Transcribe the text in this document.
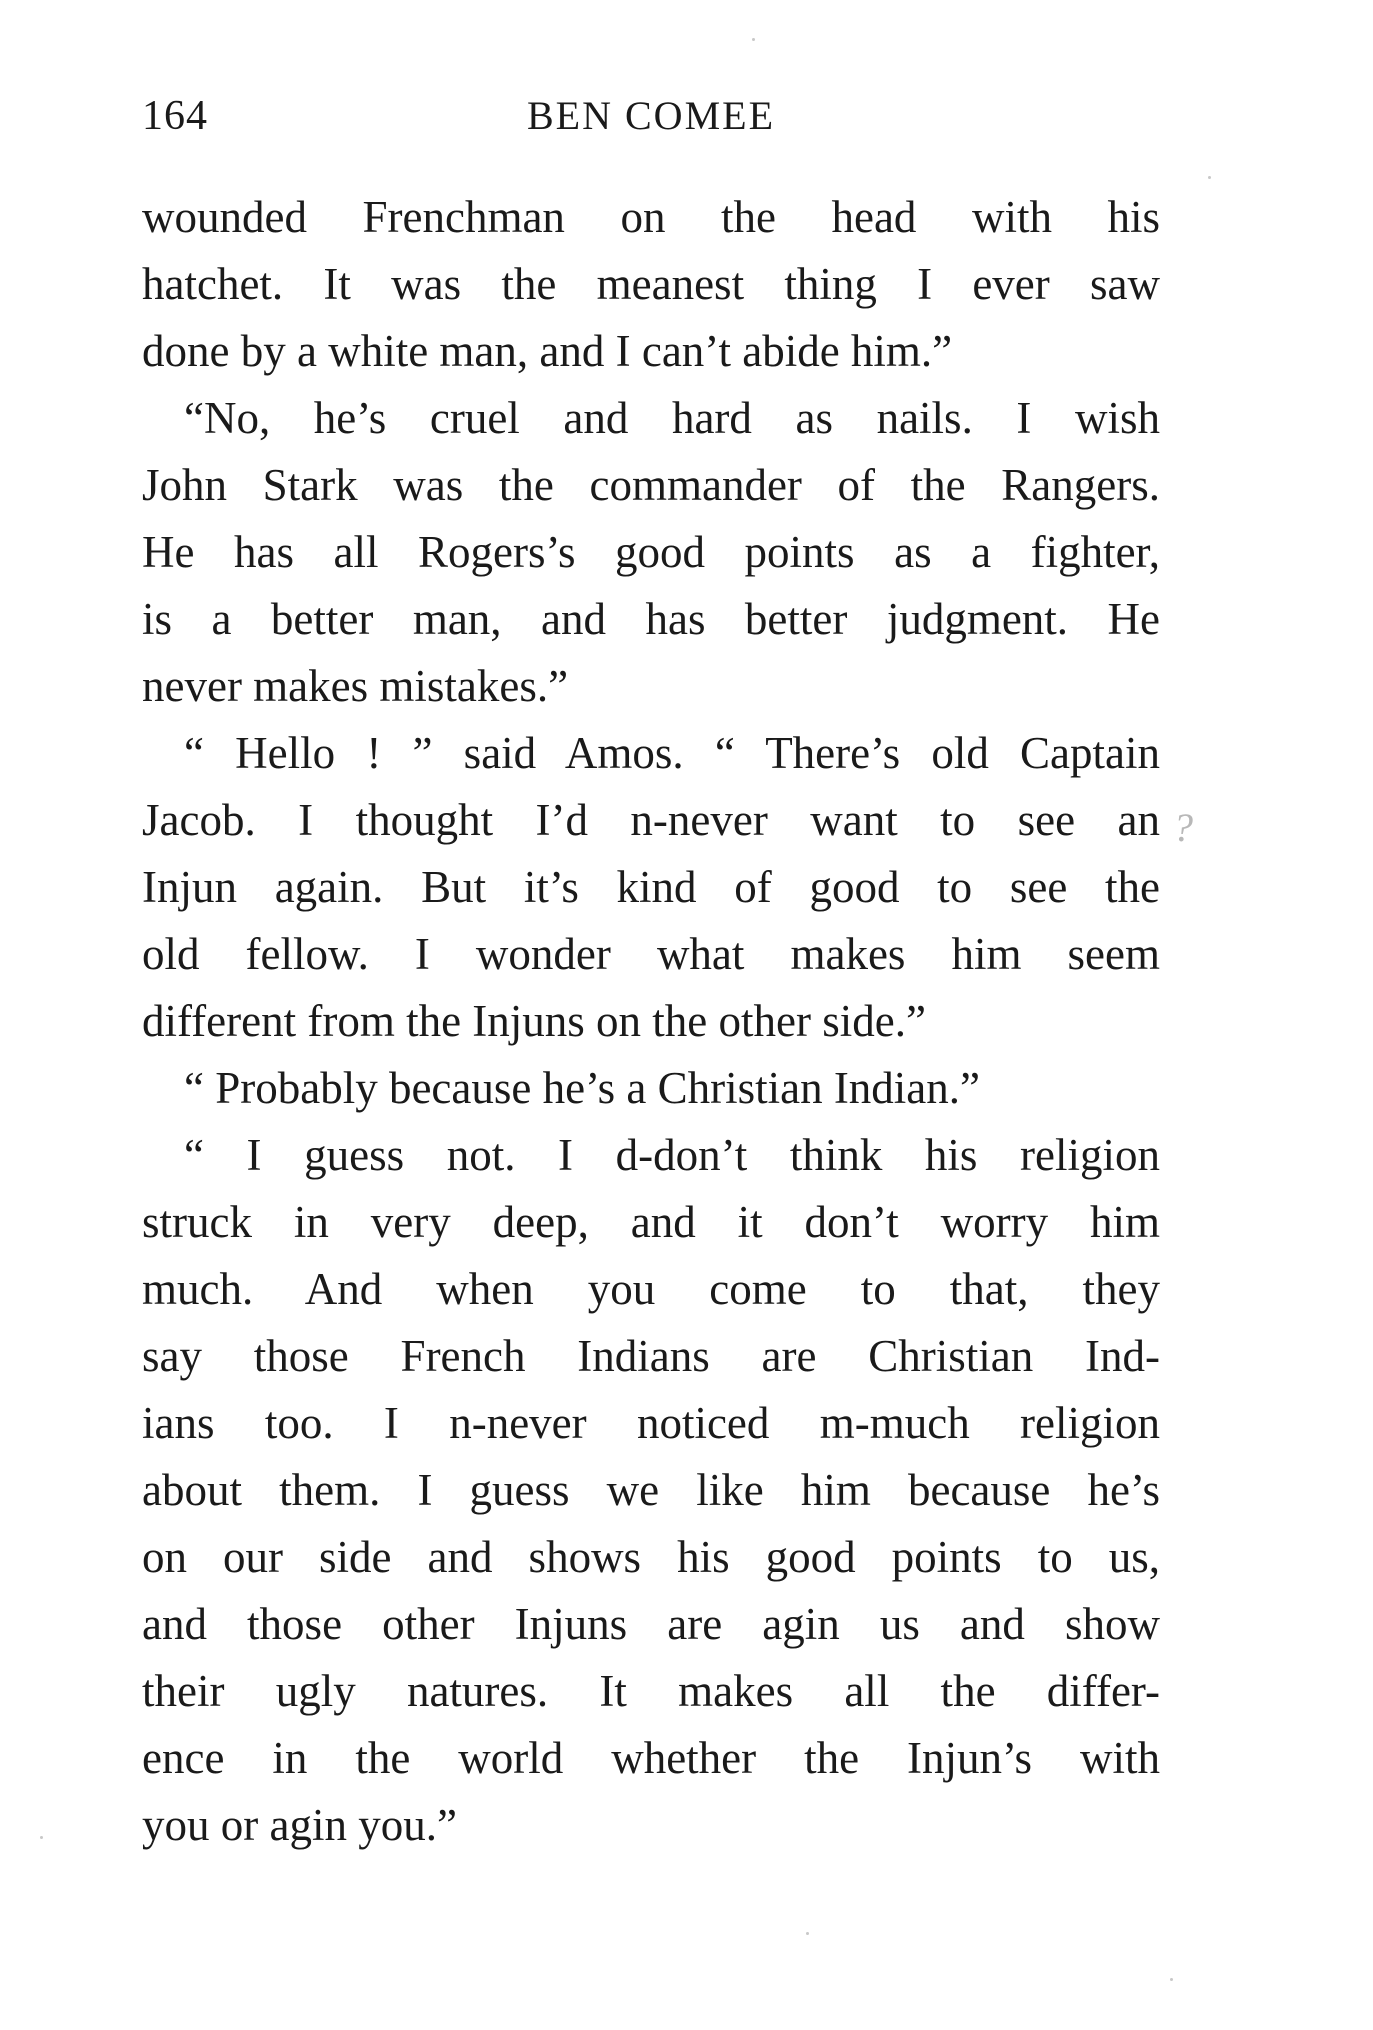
164	BEN COMEE
wounded Frenchman on the head with his
hatchet. It was the meanest thing I ever saw
done by a white man, and I can’t abide him.”
“No, he’s cruel and hard as nails. I wish
John Stark was the commander of the Rangers.
He has all Rogers’s good points as a fighter,
is a better man, and has better judgment. He
never makes mistakes.”
“ Hello ! ” said Amos. “ There’s old Captain
Jacob. I thought I’d n-never want to see an
Injun again. But it’s kind of good to see the
old fellow. I wonder what makes him seem
different from the Injuns on the other side.”
“ Probably because he’s a Christian Indian.”
“ I guess not. I d-don’t think his religion
struck in very deep, and it don’t worry him
much. And when you come to that, they
say those French Indians are Christian Ind-
ians too. I n-never noticed m-much religion
about them. I guess we like him because he’s
on our side and shows his good points to us,
and those other Injuns are agin us and show
their ugly natures. It makes all the differ-
ence in the world whether the Injun’s with
you or agin you.”
?
